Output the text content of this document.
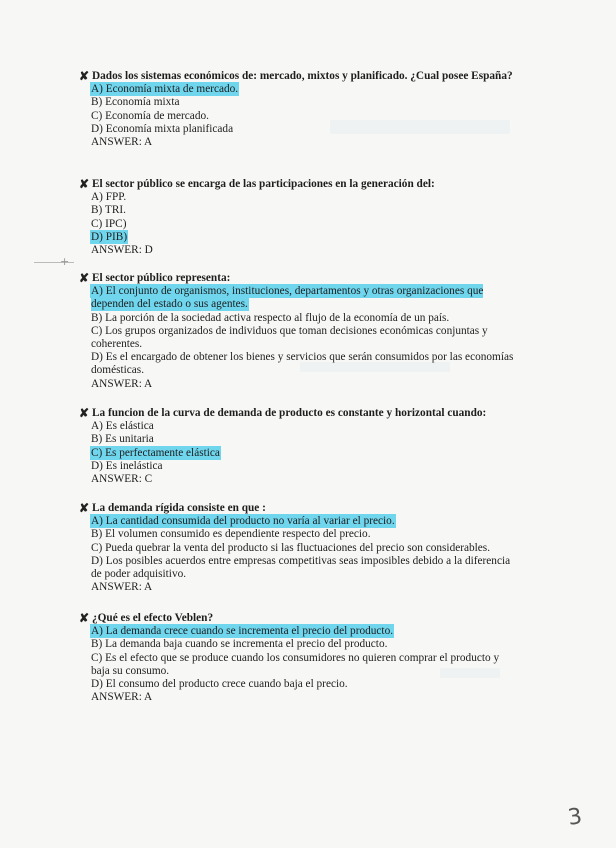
+
✘ Dados los sistemas económicos de: mercado, mixtos y planificado. ¿Cual posee España?
A) Economía mixta de mercado.
B) Economía mixta
C) Economía de mercado.
D) Economía mixta planificada
ANSWER: A
✘ El sector público se encarga de las participaciones en la generación del:
A) FPP.
B) TRI.
C) IPC)
D) PIB)
ANSWER: D
✘ El sector público representa:
A) El conjunto de organismos, instituciones, departamentos y otras organizaciones que dependen del estado o sus agentes.
B) La porción de la sociedad activa respecto al flujo de la economía de un país.
C) Los grupos organizados de individuos que toman decisiones económicas conjuntas y coherentes.
D) Es el encargado de obtener los bienes y servicios que serán consumidos por las economías domésticas.
ANSWER: A
✘ La funcion de la curva de demanda de producto es constante y horizontal cuando:
A) Es elástica
B) Es unitaria
C) Es perfectamente elástica
D) Es inelástica
ANSWER: C
✘ La demanda rígida consiste en que :
A) La cantidad consumida del producto no varía al variar el precio.
B) El volumen consumido es dependiente respecto del precio.
C) Pueda quebrar la venta del producto si las fluctuaciones del precio son considerables.
D) Los posibles acuerdos entre empresas competitivas seas imposibles debido a la diferencia de poder adquisitivo.
ANSWER: A
✘ ¿Qué es el efecto Veblen?
A) La demanda crece cuando se incrementa el precio del producto.
B) La demanda baja cuando se incrementa el precio del producto.
C) Es el efecto que se produce cuando los consumidores no quieren comprar el producto y baja su consumo.
D) El consumo del producto crece cuando baja el precio.
ANSWER: A
3
